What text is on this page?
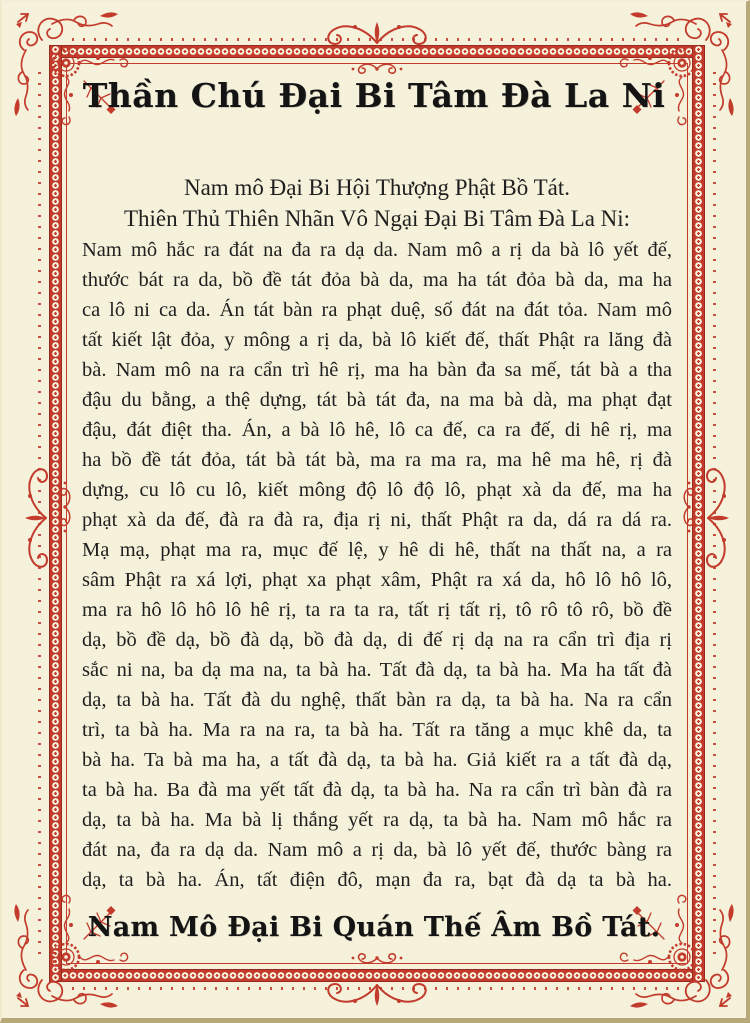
Thần Chú Đại Bi Tâm Đà La Ni
Nam mô Đại Bi Hội Thượng Phật Bồ Tát.
Thiên Thủ Thiên Nhãn Vô Ngại Đại Bi Tâm Đà La Ni:
Nam mô hắc ra đát na đa ra dạ da. Nam mô a rị da bà lô yết đế,
thước bát ra da, bồ đề tát đỏa bà da, ma ha tát đỏa bà da, ma ha
ca lô ni ca da. Án tát bàn ra phạt duệ, số đát na đát tỏa. Nam mô
tất kiết lật đỏa, y mông a rị da, bà lô kiết đế, thất Phật ra lăng đà
bà. Nam mô na ra cẩn trì hê rị, ma ha bàn đa sa mế, tát bà a tha
đậu du bằng, a thệ dựng, tát bà tát đa, na ma bà dà, ma phạt đạt
đậu, đát điệt tha. Án, a bà lô hê, lô ca đế, ca ra đế, di hê rị, ma
ha bồ đề tát đỏa, tát bà tát bà, ma ra ma ra, ma hê ma hê, rị đà
dựng, cu lô cu lô, kiết mông độ lô độ lô, phạt xà da đế, ma ha
phạt xà da đế, đà ra đà ra, địa rị ni, thất Phật ra da, dá ra dá ra.
Mạ mạ, phạt ma ra, mục đế lệ, y hê di hê, thất na thất na, a ra
sâm Phật ra xá lợi, phạt xa phạt xâm, Phật ra xá da, hô lô hô lô,
ma ra hô lô hô lô hê rị, ta ra ta ra, tất rị tất rị, tô rô tô rô, bồ đề
dạ, bồ đề dạ, bồ đà dạ, bồ đà dạ, di đế rị dạ na ra cẩn trì địa rị
sắc ni na, ba dạ ma na, ta bà ha. Tất đà dạ, ta bà ha. Ma ha tất đà
dạ, ta bà ha. Tất đà du nghệ, thất bàn ra dạ, ta bà ha. Na ra cẩn
trì, ta bà ha. Ma ra na ra, ta bà ha. Tất ra tăng a mục khê da, ta
bà ha. Ta bà ma ha, a tất đà dạ, ta bà ha. Giả kiết ra a tất đà dạ,
ta bà ha. Ba đà ma yết tất đà dạ, ta bà ha. Na ra cẩn trì bàn đà ra
dạ, ta bà ha. Ma bà lị thắng yết ra dạ, ta bà ha. Nam mô hắc ra
đát na, đa ra dạ da. Nam mô a rị da, bà lô yết đế, thước bàng ra
dạ, ta bà ha. Án, tất điện đô, mạn đa ra, bạt đà dạ ta bà ha.
Nam Mô Đại Bi Quán Thế Âm Bồ Tát.
